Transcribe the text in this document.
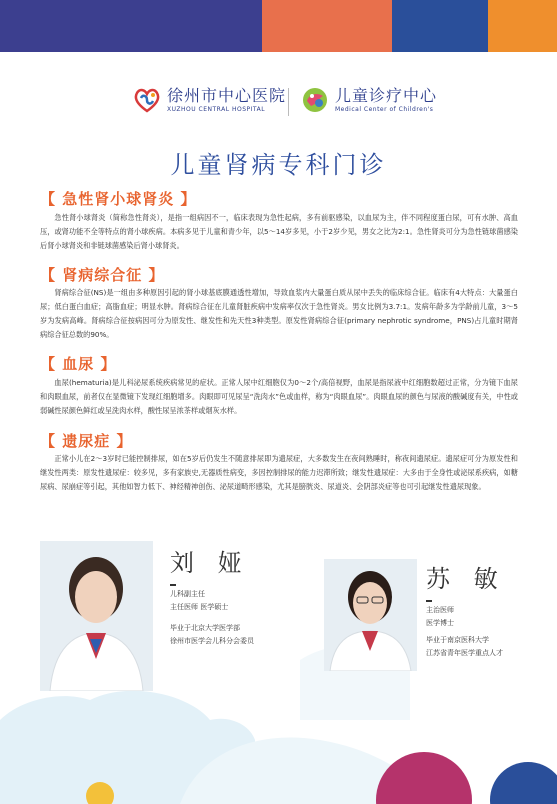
徐州市中心医院
XUZHOU CENTRAL HOSPITAL
儿童诊疗中心
Medical Center of Children's
儿童肾病专科门诊
【 急性肾小球肾炎 】

急性肾小球肾炎（简称急性肾炎），是指一组病因不一，临床表现为急性起病，多有前驱感染，以血尿为主，伴不同程度蛋白尿，可有水肿、高血压，或肾功能不全等特点的肾小球疾病。本病多见于儿童和青少年，以5～14岁多见，小于2岁少见，男女之比为2:1。急性肾炎可分为急性链球菌感染后肾小球肾炎和非链球菌感染后肾小球肾炎。

【 肾病综合征 】

肾病综合征(NS)是一组由多种原因引起的肾小球基底膜通透性增加，导致血浆内大量蛋白质从尿中丢失的临床综合征。临床有4大特点：大量蛋白尿；低白蛋白血症；高脂血症；明显水肿。肾病综合征在儿童肾脏疾病中发病率仅次于急性肾炎。男女比例为3.7:1。发病年龄多为学龄前儿童，3～5岁为发病高峰。肾病综合征按病因可分为原发性、继发性和先天性3种类型。原发性肾病综合征(primary nephrotic syndrome，PNS)占儿童时期肾病综合征总数的90%。

【 血尿 】

血尿(hematuria)是儿科泌尿系统疾病常见的症状。正常人尿中红细胞仅为0～2个/高倍视野，血尿是指尿液中红细胞数超过正常，分为镜下血尿和肉眼血尿，前者仅在显微镜下发现红细胞增多。肉眼即可见尿呈“洗肉水”色或血样，称为“肉眼血尿”。肉眼血尿的颜色与尿液的酸碱度有关，中性或弱碱性尿颜色鲜红或呈洗肉水样，酸性尿呈浓茶样或烟灰水样。

【 遗尿症 】

正常小儿在2～3岁时已能控制排尿，如在5岁后仍发生不随意排尿即为遗尿症，大多数发生在夜间熟睡时，称夜间遗尿症。遗尿症可分为原发性和继发性两类：原发性遗尿症：较多见，多有家族史,无器质性病变，多因控制排尿的能力迟滞所致；继发性遗尿症：大多由于全身性或泌尿系疾病，如糖尿病、尿崩症等引起，其他如智力低下、神经精神创伤、泌尿道畸形感染，尤其是膀胱炎、尿道炎、会阴部炎症等也可引起继发性遗尿现象。

刘 娅
儿科副主任
主任医师 医学硕士
毕业于北京大学医学部
徐州市医学会儿科分会委员
苏 敏
主治医师
医学博士
毕业于南京医科大学
江苏省青年医学重点人才
